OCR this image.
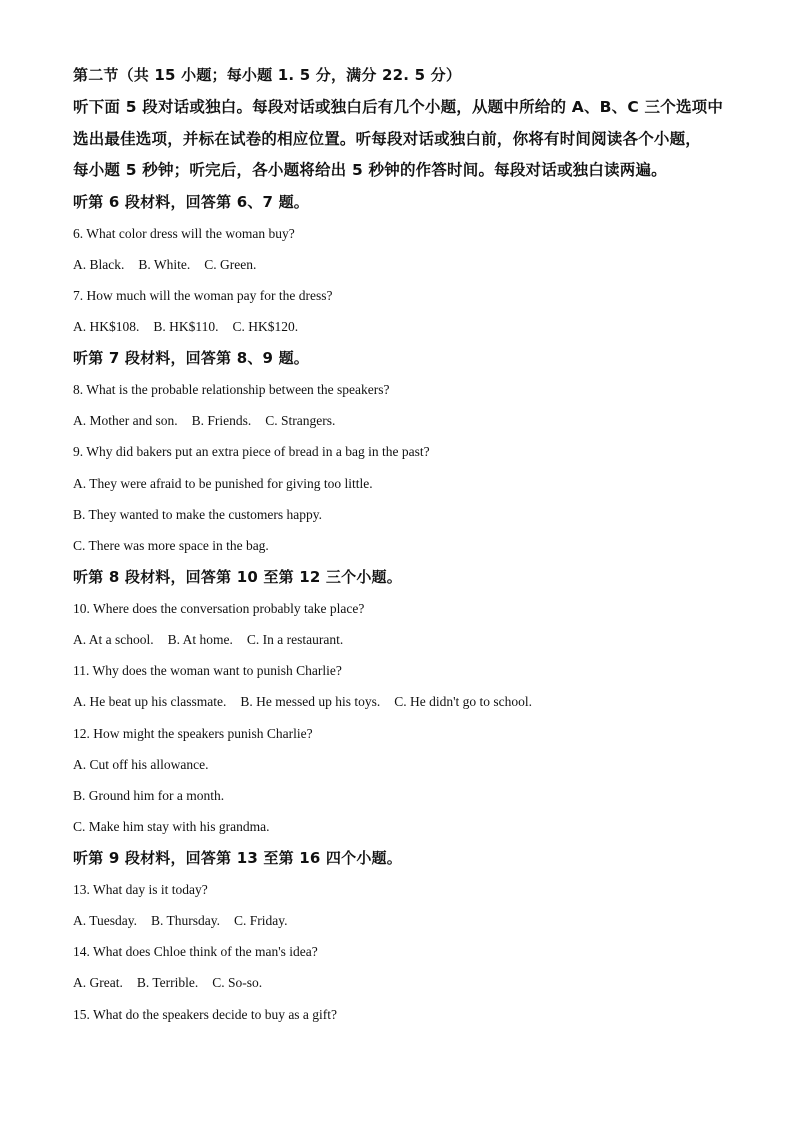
第二节（共 15 小题；每小题 1. 5 分，满分 22. 5 分）
听下面 5 段对话或独白。每段对话或独白后有几个小题，从题中所给的 A、B、C 三个选项中
选出最佳选项，并标在试卷的相应位置。听每段对话或独白前，你将有时间阅读各个小题，
每小题 5 秒钟；听完后，各小题将给出 5 秒钟的作答时间。每段对话或独白读两遍。
听第 6 段材料，回答第 6、7 题。
6. What color dress will the woman buy?
A. Black. B. White. C. Green.
7. How much will the woman pay for the dress?
A. HK$108. B. HK$110. C. HK$120.
听第 7 段材料，回答第 8、9 题。
8. What is the probable relationship between the speakers?
A. Mother and son. B. Friends. C. Strangers.
9. Why did bakers put an extra piece of bread in a bag in the past?
A. They were afraid to be punished for giving too little.
B. They wanted to make the customers happy.
C. There was more space in the bag.
听第 8 段材料，回答第 10 至第 12 三个小题。
10. Where does the conversation probably take place?
A. At a school. B. At home. C. In a restaurant.
11. Why does the woman want to punish Charlie?
A. He beat up his classmate. B. He messed up his toys. C. He didn't go to school.
12. How might the speakers punish Charlie?
A. Cut off his allowance.
B. Ground him for a month.
C. Make him stay with his grandma.
听第 9 段材料，回答第 13 至第 16 四个小题。
13. What day is it today?
A. Tuesday. B. Thursday. C. Friday.
14. What does Chloe think of the man's idea?
A. Great. B. Terrible. C. So-so.
15. What do the speakers decide to buy as a gift?
